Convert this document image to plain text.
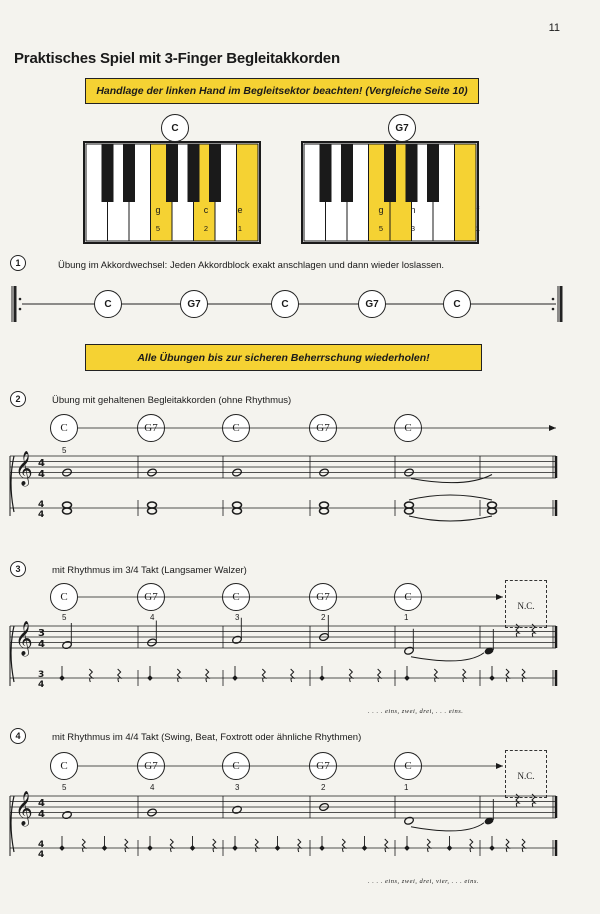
11
Praktisches Spiel mit 3-Finger Begleitakkorden
Handlage der linken Hand im Begleitsektor beachten! (Vergleiche Seite 10)
C	G7
g	c	e
5	2	1
g	h	f
5	3	1
1	Übung im Akkordwechsel: Jeden Akkordblock exakt anschlagen und dann wieder loslassen.
C	G7	C	G7	C
Alle Übungen bis zur sicheren Beherrschung wiederholen!
2	Übung mit gehaltenen Begleitakkorden (ohne Rhythmus)
C	G7	C	G7	C
5
𝄞 4
4
4
4
3	mit Rhythmus im 3/4 Takt (Langsamer Walzer)
C	G7	C	G7	C
N.C.
5	4	3	2	1
. . . . eins, zwei, drei, . . . eins.
𝄞 3
4
3
4
4	mit Rhythmus im 4/4 Takt (Swing, Beat, Foxtrott oder ähnliche Rhythmen)
C	G7	C	G7	C
N.C.
5	4	3	2	1
. . . . eins, zwei, drei, vier, . . . eins.
𝄞 4
4
4
4
